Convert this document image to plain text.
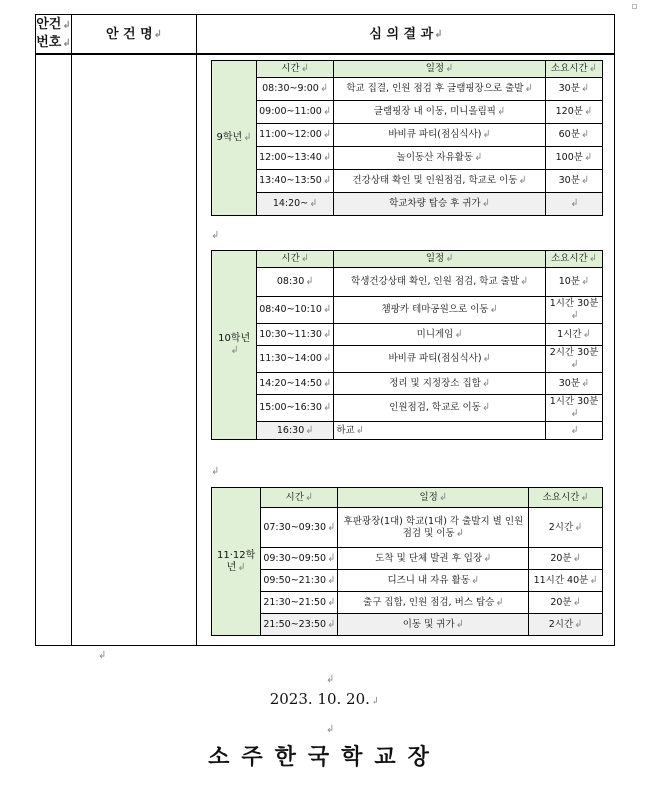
안건↲
번호↲
안 건 명 ↲	심 의 결 과 ↲
9학년↲	시간↲	일정↲	소요시간↲
	08:30~9:00↲	학교 집결, 인원 점검 후 글램핑장으로 출발↲	30분↲
	09:00~11:00↲	글램핑장 내 이동, 미니올림픽↲	120분↲
	11:00~12:00↲	바비큐 파티(점심식사)↲	60분↲
	12:00~13:40↲	놀이동산 자유활동↲	100분↲
	13:40~13:50↲	건강상태 확인 및 인원점검, 학교로 이동↲	30분↲
	14:20~↲	학교차량 탑승 후 귀가↲	↲
↲
10학년↲	시간↲	일정↲	소요시간↲
	08:30↲	학생건강상태 확인, 인원 점검, 학교 출발↲	10분↲
	08:40~10:10↲	챔팡카 테마공원으로 이동↲	1시간 30분↲
	10:30~11:30↲	미니게임↲	1시간↲
	11:30~14:00↲	바비큐 파티(점심식사)↲	2시간 30분↲
	14:20~14:50↲	정리 및 지정장소 집합↲	30분↲
	15:00~16:30↲	인원점검, 학교로 이동↲	1시간 30분↲
	16:30↲	하교↲	↲
↲
11·12학년↲	시간↲	일정↲	소요시간↲
	07:30~09:30↲	후판광장(1대) 학교(1대) 각 출발지 별 인원 점검 및 이동↲	2시간↲
	09:30~09:50↲	도착 및 단체 발권 후 입장↲	20분↲
	09:50~21:30↲	디즈니 내 자유 활동↲	11시간 40분↲
	21:30~21:50↲	출구 집합, 인원 점검, 버스 탑승↲	20분↲
	21:50~23:50↲	이동 및 귀가↲	2시간↲
↲
↲
2023. 10. 20.↲
↲
소주한국학교장
